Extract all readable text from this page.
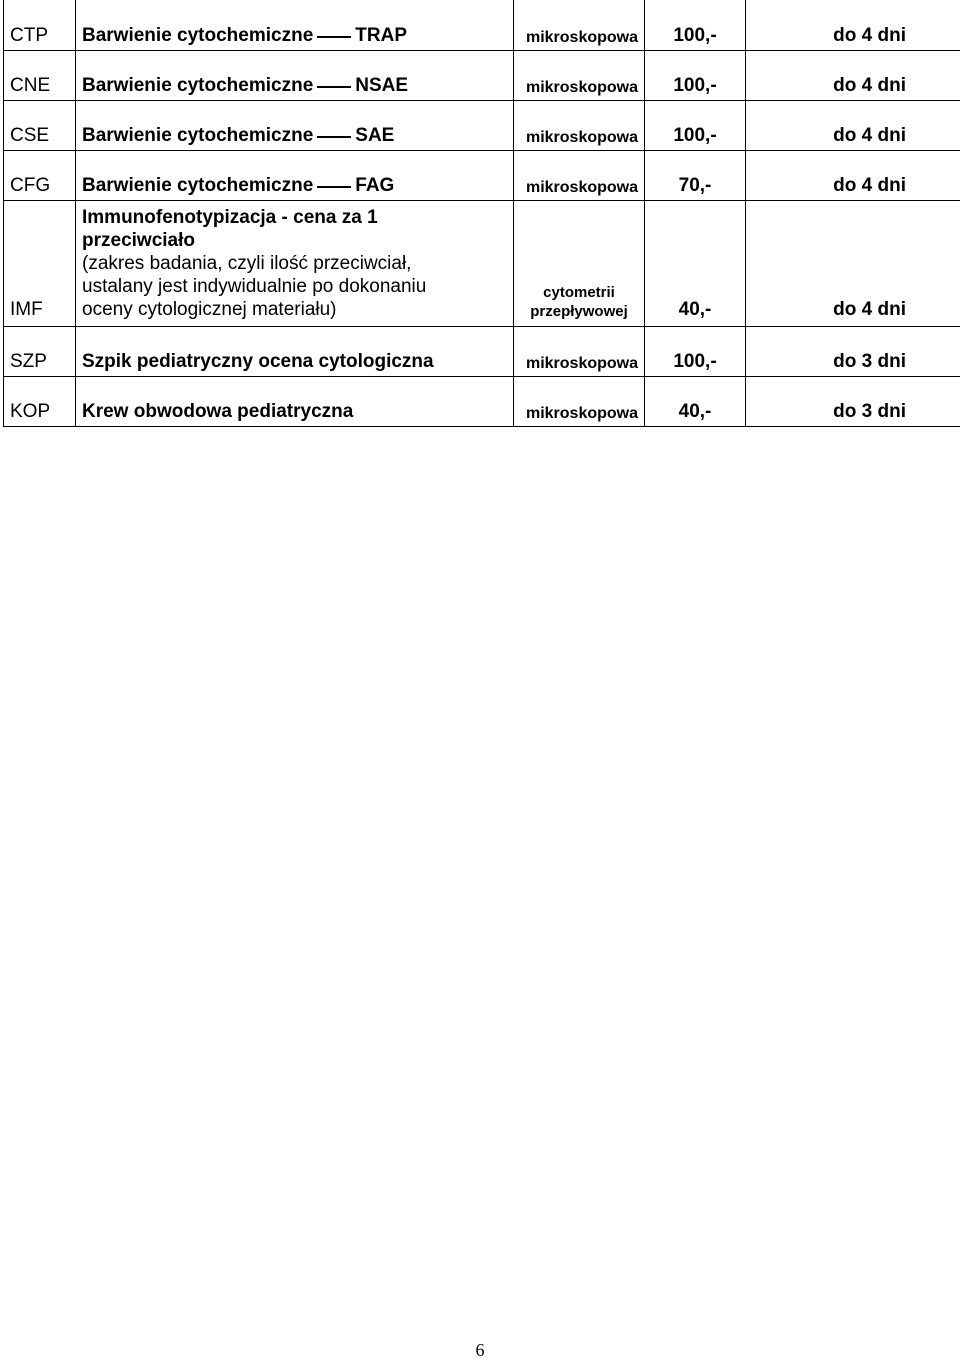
CTP	Barwienie cytochemiczne TRAP	mikroskopowa	100,-	do 4 dni
CNE	Barwienie cytochemiczne NSAE	mikroskopowa	100,-	do 4 dni
CSE	Barwienie cytochemiczne SAE	mikroskopowa	100,-	do 4 dni
CFG	Barwienie cytochemiczne FAG	mikroskopowa	70,-	do 4 dni
IMF	Immunofenotypizacja - cena za 1
przeciwciało
(zakres badania, czyli ilość przeciwciał,
ustalany jest indywidualnie po dokonaniu
oceny cytologicznej materiału)	cytometrii
przepływowej	40,-	do 4 dni
SZP	Szpik pediatryczny ocena cytologiczna	mikroskopowa	100,-	do 3 dni
KOP	Krew obwodowa pediatryczna	mikroskopowa	40,-	do 3 dni
6
